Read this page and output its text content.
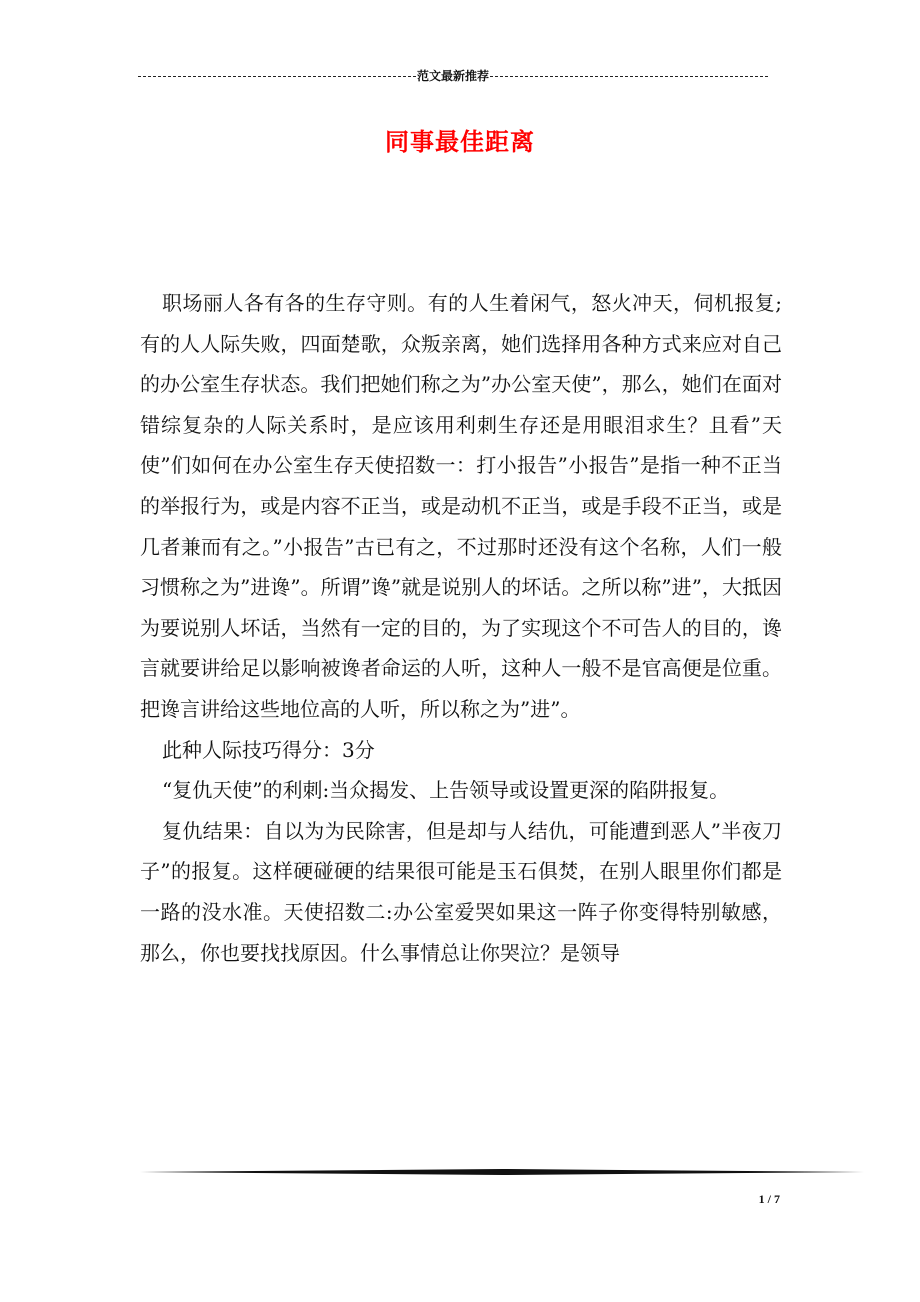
范文最新推荐
同事最佳距离

职场丽人各有各的生存守则。有的人生着闲气，怒火冲天，伺机报复;有的人人际失败，四面楚歌，众叛亲离，她们选择用各种方式来应对自己的办公室生存状态。我们把她们称之为”办公室天使”，那么，她们在面对错综复杂的人际关系时，是应该用利刺生存还是用眼泪求生？且看”天使”们如何在办公室生存天使招数一：打小报告”小报告”是指一种不正当的举报行为，或是内容不正当，或是动机不正当，或是手段不正当，或是几者兼而有之。”小报告”古已有之，不过那时还没有这个名称，人们一般习惯称之为”进谗”。所谓”谗”就是说别人的坏话。之所以称”进”，大抵因为要说别人坏话，当然有一定的目的，为了实现这个不可告人的目的，谗言就要讲给足以影响被谗者命运的人听，这种人一般不是官高便是位重。把谗言讲给这些地位高的人听，所以称之为”进”。

此种人际技巧得分：3分

“复仇天使”的利刺:当众揭发、上告领导或设置更深的陷阱报复。

复仇结果：自以为为民除害，但是却与人结仇，可能遭到恶人”半夜刀子”的报复。这样硬碰硬的结果很可能是玉石俱焚，在别人眼里你们都是一路的没水准。天使招数二:办公室爱哭如果这一阵子你变得特别敏感，那么，你也要找找原因。什么事情总让你哭泣？是领导

1 / 7
